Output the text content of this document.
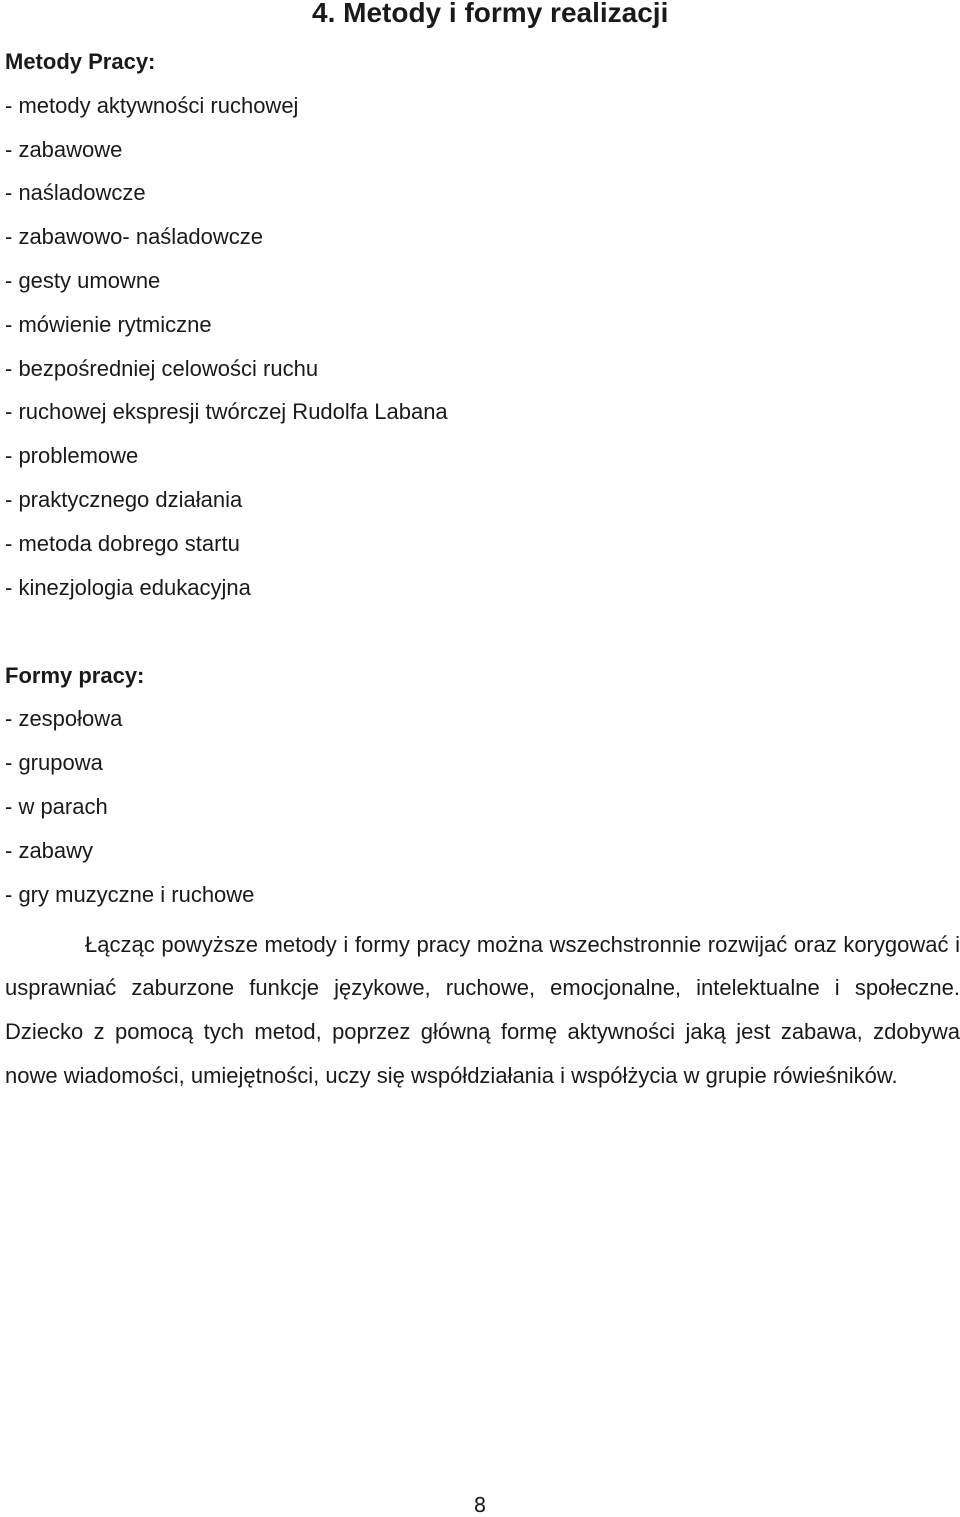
4. Metody i formy realizacji
Metody Pracy:
- metody aktywności ruchowej
- zabawowe
- naśladowcze
- zabawowo- naśladowcze
- gesty umowne
- mówienie rytmiczne
- bezpośredniej celowości ruchu
- ruchowej ekspresji twórczej Rudolfa Labana
- problemowe
- praktycznego działania
- metoda dobrego startu
- kinezjologia edukacyjna
Formy pracy:
- zespołowa
- grupowa
- w parach
- zabawy
- gry muzyczne i ruchowe

Łącząc powyższe metody i formy pracy można wszechstronnie rozwijać oraz korygować i usprawniać zaburzone funkcje językowe, ruchowe, emocjonalne, intelektualne i społeczne. Dziecko z pomocą tych metod, poprzez główną formę aktywności jaką jest zabawa, zdobywa nowe wiadomości, umiejętności, uczy się współdziałania i współżycia w grupie rówieśników.

8
